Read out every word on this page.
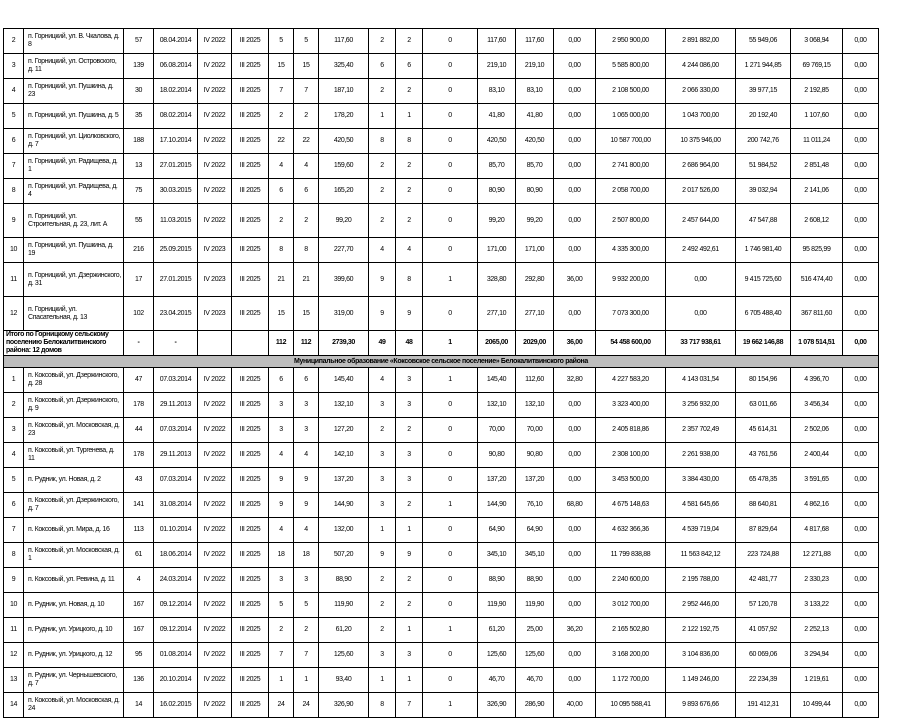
2	п. Горницкий, ул. В. Чкалова, д. 8	57	08.04.2014	IV 2022	III 2025	5	5	117,60	2	2	0	117,60	117,60	0,00	2 950 900,00	2 891 882,00	55 949,06	3 068,94	0,00
3	п. Горницкий, ул. Островского, д. 11	139	06.08.2014	IV 2022	III 2025	15	15	325,40	6	6	0	219,10	219,10	0,00	5 585 800,00	4 244 086,00	1 271 944,85	69 769,15	0,00
4	п. Горницкий, ул. Пушкина, д. 23	30	18.02.2014	IV 2022	III 2025	7	7	187,10	2	2	0	83,10	83,10	0,00	2 108 500,00	2 066 330,00	39 977,15	2 192,85	0,00
5	п. Горницкий, ул. Пушкина, д. 5	35	08.02.2014	IV 2022	III 2025	2	2	178,20	1	1	0	41,80	41,80	0,00	1 065 000,00	1 043 700,00	20 192,40	1 107,60	0,00
6	п. Горницкий, ул. Циолковского, д. 7	188	17.10.2014	IV 2022	III 2025	22	22	420,50	8	8	0	420,50	420,50	0,00	10 587 700,00	10 375 946,00	200 742,76	11 011,24	0,00
7	п. Горницкий, ул. Радищева, д. 1	13	27.01.2015	IV 2022	III 2025	4	4	159,60	2	2	0	85,70	85,70	0,00	2 741 800,00	2 686 964,00	51 984,52	2 851,48	0,00
8	п. Горницкий, ул. Радищева, д. 4	75	30.03.2015	IV 2022	III 2025	6	6	165,20	2	2	0	80,90	80,90	0,00	2 058 700,00	2 017 526,00	39 032,94	2 141,06	0,00
9	п. Горницкий, ул. Строительная, д. 23, лит. А	55	11.03.2015	IV 2022	III 2025	2	2	99,20	2	2	0	99,20	99,20	0,00	2 507 800,00	2 457 644,00	47 547,88	2 608,12	0,00
10	п. Горницкий, ул. Пушкина, д. 19	216	25.09.2015	IV 2023	III 2025	8	8	227,70	4	4	0	171,00	171,00	0,00	4 335 300,00	2 492 492,61	1 746 981,40	95 825,99	0,00
11	п. Горницкий, ул. Дзержинского, д. 31	17	27.01.2015	IV 2023	III 2025	21	21	399,60	9	8	1	328,80	292,80	36,00	9 932 200,00	0,00	9 415 725,60	516 474,40	0,00
12	п. Горницкий, ул. Спасательная, д. 13	102	23.04.2015	IV 2023	III 2025	15	15	319,00	9	9	0	277,10	277,10	0,00	7 073 300,00	0,00	6 705 488,40	367 811,60	0,00
Итого по Горницкому сельскому поселению Белокалитвинского района: 12 домов		-	-			112	112	2739,30	49	48	1	2065,00	2029,00	36,00	54 458 600,00	33 717 938,61	19 662 146,88	1 078 514,51	0,00
Муниципальное образование «Коксовское сельское поселение» Белокалитвинского района																			
1	п. Коксовый, ул. Дзержинского, д. 28	47	07.03.2014	IV 2022	III 2025	6	6	145,40	4	3	1	145,40	112,60	32,80	4 227 583,20	4 143 031,54	80 154,96	4 396,70	0,00
2	п. Коксовый, ул. Дзержинского, д. 9	178	29.11.2013	IV 2022	III 2025	3	3	132,10	3	3	0	132,10	132,10	0,00	3 323 400,00	3 256 932,00	63 011,66	3 456,34	0,00
3	п. Коксовый, ул. Московская, д. 23	44	07.03.2014	IV 2022	III 2025	3	3	127,20	2	2	0	70,00	70,00	0,00	2 405 818,86	2 357 702,49	45 614,31	2 502,06	0,00
4	п. Коксовый, ул. Тургенева, д. 11	178	29.11.2013	IV 2022	III 2025	4	4	142,10	3	3	0	90,80	90,80	0,00	2 308 100,00	2 261 938,00	43 761,56	2 400,44	0,00
5	п. Рудник, ул. Новая, д. 2	43	07.03.2014	IV 2022	III 2025	9	9	137,20	3	3	0	137,20	137,20	0,00	3 453 500,00	3 384 430,00	65 478,35	3 591,65	0,00
6	п. Коксовый, ул. Дзержинского, д. 7	141	31.08.2014	IV 2022	III 2025	9	9	144,90	3	2	1	144,90	76,10	68,80	4 675 148,63	4 581 645,66	88 640,81	4 862,16	0,00
7	п. Коксовый, ул. Мира, д. 16	113	01.10.2014	IV 2022	III 2025	4	4	132,00	1	1	0	64,90	64,90	0,00	4 632 366,36	4 539 719,04	87 829,64	4 817,68	0,00
8	п. Коксовый, ул. Московская, д. 1	61	18.06.2014	IV 2022	III 2025	18	18	507,20	9	9	0	345,10	345,10	0,00	11 799 838,88	11 563 842,12	223 724,88	12 271,88	0,00
9	п. Коксовый, ул. Ревина, д. 11	4	24.03.2014	IV 2022	III 2025	3	3	88,90	2	2	0	88,90	88,90	0,00	2 240 600,00	2 195 788,00	42 481,77	2 330,23	0,00
10	п. Рудник, ул. Новая, д. 10	167	09.12.2014	IV 2022	III 2025	5	5	119,90	2	2	0	119,90	119,90	0,00	3 012 700,00	2 952 446,00	57 120,78	3 133,22	0,00
11	п. Рудник, ул. Урицкого, д. 10	167	09.12.2014	IV 2022	III 2025	2	2	61,20	2	1	1	61,20	25,00	36,20	2 165 502,80	2 122 192,75	41 057,92	2 252,13	0,00
12	п. Рудник, ул. Урицкого, д. 12	95	01.08.2014	IV 2022	III 2025	7	7	125,60	3	3	0	125,60	125,60	0,00	3 168 200,00	3 104 836,00	60 069,06	3 294,94	0,00
13	п. Рудник, ул. Чернышевского, д. 7	136	20.10.2014	IV 2022	III 2025	1	1	93,40	1	1	0	46,70	46,70	0,00	1 172 700,00	1 149 246,00	22 234,39	1 219,61	0,00
14	п. Коксовый, ул. Московская, д. 24	14	16.02.2015	IV 2022	III 2025	24	24	326,90	8	7	1	326,90	286,90	40,00	10 095 588,41	9 893 676,66	191 412,31	10 499,44	0,00
